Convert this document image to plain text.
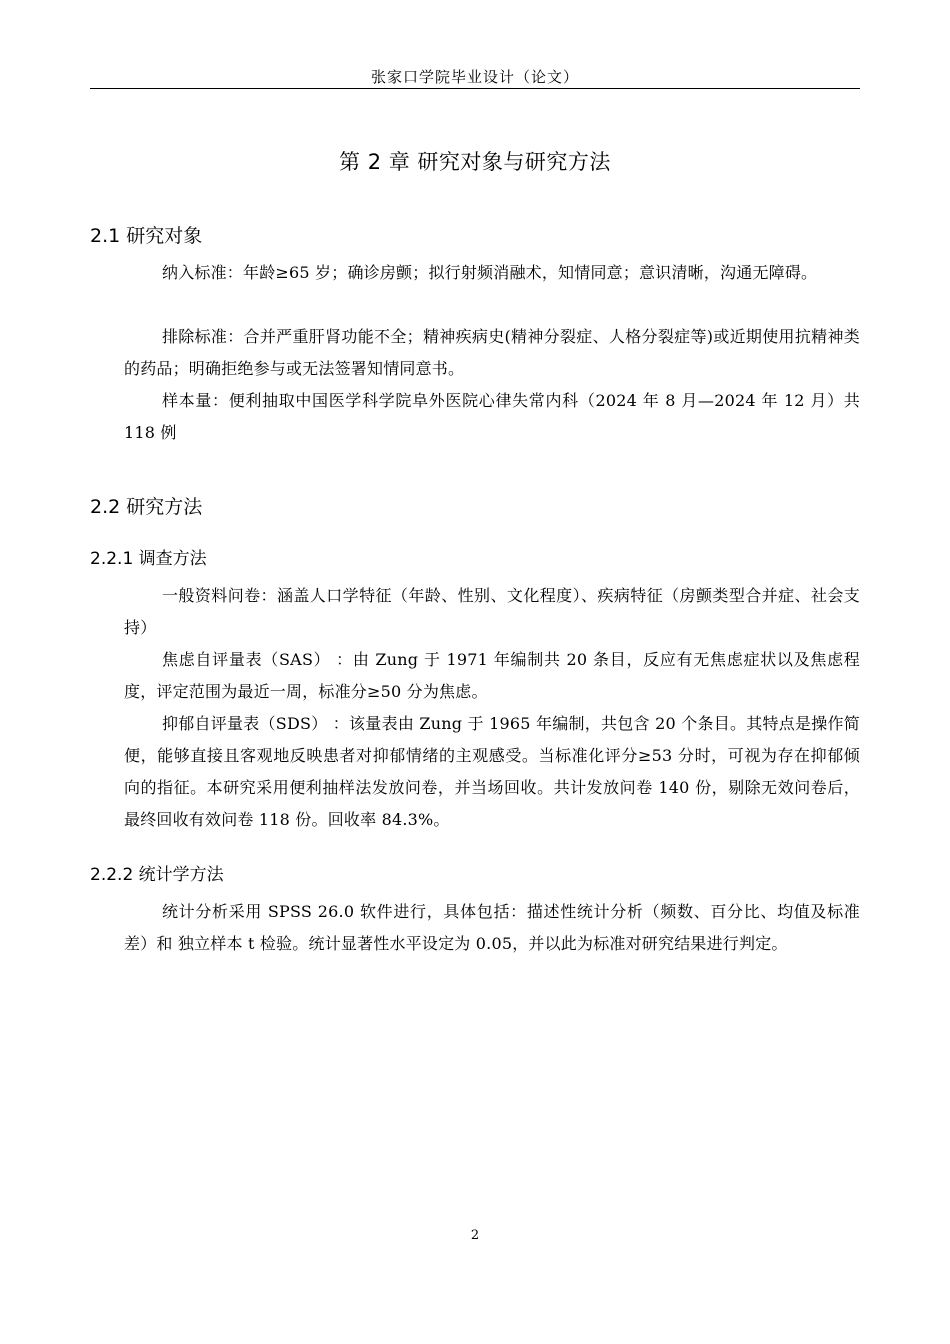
张家口学院毕业设计（论文）
第 2 章 研究对象与研究方法
2.1 研究对象
纳入标准：年龄≥65 岁；确诊房颤；拟行射频消融术，知情同意；意识清晰，沟通无障碍。
排除标准：合并严重肝肾功能不全；精神疾病史(精神分裂症、人格分裂症等)或近期使用抗精神类的药品；明确拒绝参与或无法签署知情同意书。
样本量：便利抽取中国医学科学院阜外医院心律失常内科（2024 年 8 月—2024 年 12 月）共 118 例
2.2 研究方法
2.2.1 调查方法
一般资料问卷：涵盖人口学特征（年龄、性别、文化程度）、疾病特征（房颤类型合并症、社会支持）
焦虑自评量表（SAS） ：由 Zung 于 1971 年编制共 20 条目，反应有无焦虑症状以及焦虑程度，评定范围为最近一周，标准分≥50 分为焦虑。
抑郁自评量表（SDS） ：该量表由 Zung 于 1965 年编制，共包含 20 个条目。其特点是操作简便，能够直接且客观地反映患者对抑郁情绪的主观感受。当标准化评分≥53 分时，可视为存在抑郁倾向的指征。本研究采用便利抽样法发放问卷，并当场回收。共计发放问卷 140 份，剔除无效问卷后，最终回收有效问卷 118 份。回收率 84.3%。
2.2.2 统计学方法
统计分析采用 SPSS 26.0 软件进行，具体包括：描述性统计分析（频数、百分比、均值及标准差）和 独立样本 t 检验。统计显著性水平设定为 0.05，并以此为标准对研究结果进行判定。
2
